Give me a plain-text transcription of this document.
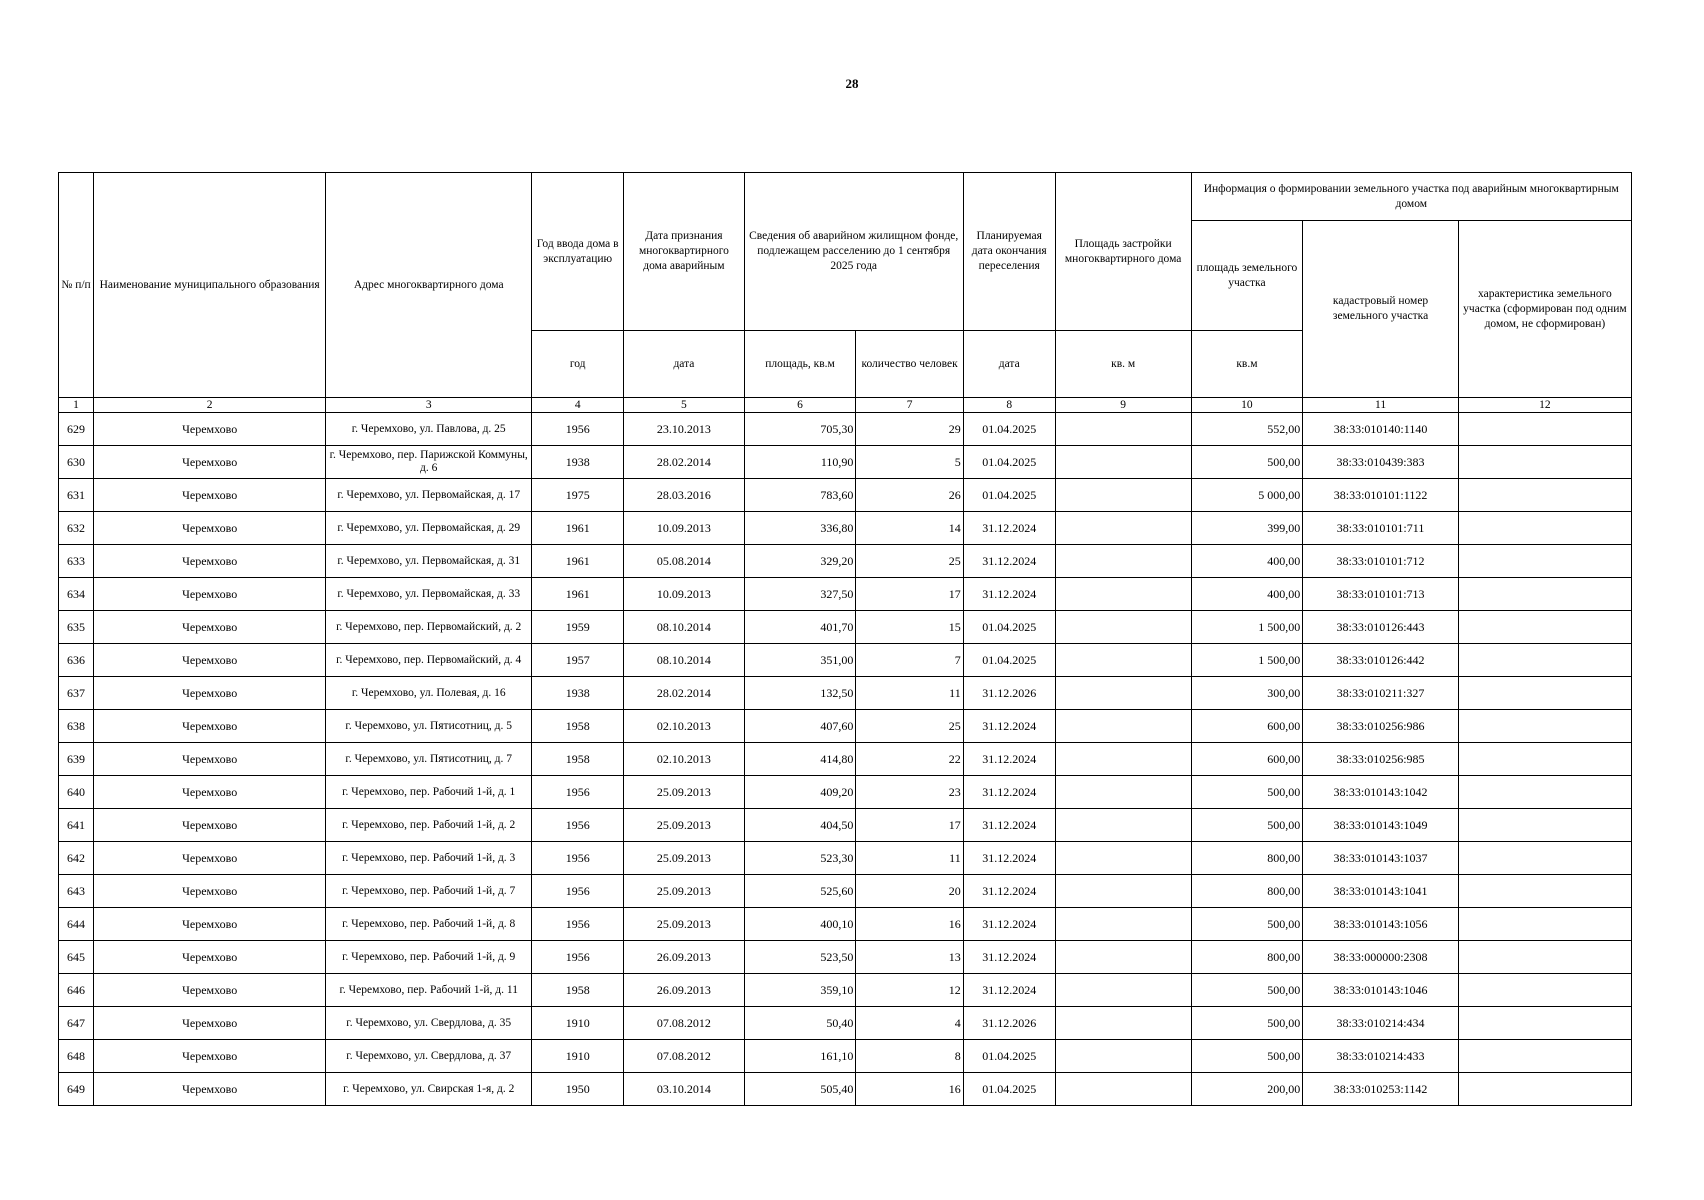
28
№ п/п	Наименование муниципального образования	Адрес многоквартирного дома	Год ввода дома в эксплуатацию	Дата признания многоквартирного дома аварийным	Сведения об аварийном жилищном фонде, подлежащем расселению до 1 сентября 2025 года		Планируемая дата окончания переселения	Площадь застройки многоквартирного дома	Информация о формировании земельного участка под аварийным многоквартирным домом		
									площадь земельного участка	кадастровый номер земельного участка	характеристика земельного участка (сформирован под одним домом, не сформирован)
			год	дата	площадь, кв.м	количество человек	дата	кв. м	кв.м		
1	2	3	4	5	6	7	8	9	10	11	12
629	Черемхово	г. Черемхово, ул. Павлова, д. 25	1956	23.10.2013	705,30	29	01.04.2025		552,00	38:33:010140:1140	
630	Черемхово	г. Черемхово, пер. Парижской Коммуны, д. 6	1938	28.02.2014	110,90	5	01.04.2025		500,00	38:33:010439:383	
631	Черемхово	г. Черемхово, ул. Первомайская, д. 17	1975	28.03.2016	783,60	26	01.04.2025		5 000,00	38:33:010101:1122	
632	Черемхово	г. Черемхово, ул. Первомайская, д. 29	1961	10.09.2013	336,80	14	31.12.2024		399,00	38:33:010101:711	
633	Черемхово	г. Черемхово, ул. Первомайская, д. 31	1961	05.08.2014	329,20	25	31.12.2024		400,00	38:33:010101:712	
634	Черемхово	г. Черемхово, ул. Первомайская, д. 33	1961	10.09.2013	327,50	17	31.12.2024		400,00	38:33:010101:713	
635	Черемхово	г. Черемхово, пер. Первомайский, д. 2	1959	08.10.2014	401,70	15	01.04.2025		1 500,00	38:33:010126:443	
636	Черемхово	г. Черемхово, пер. Первомайский, д. 4	1957	08.10.2014	351,00	7	01.04.2025		1 500,00	38:33:010126:442	
637	Черемхово	г. Черемхово, ул. Полевая, д. 16	1938	28.02.2014	132,50	11	31.12.2026		300,00	38:33:010211:327	
638	Черемхово	г. Черемхово, ул. Пятисотниц, д. 5	1958	02.10.2013	407,60	25	31.12.2024		600,00	38:33:010256:986	
639	Черемхово	г. Черемхово, ул. Пятисотниц, д. 7	1958	02.10.2013	414,80	22	31.12.2024		600,00	38:33:010256:985	
640	Черемхово	г. Черемхово, пер. Рабочий 1-й, д. 1	1956	25.09.2013	409,20	23	31.12.2024		500,00	38:33:010143:1042	
641	Черемхово	г. Черемхово, пер. Рабочий 1-й, д. 2	1956	25.09.2013	404,50	17	31.12.2024		500,00	38:33:010143:1049	
642	Черемхово	г. Черемхово, пер. Рабочий 1-й, д. 3	1956	25.09.2013	523,30	11	31.12.2024		800,00	38:33:010143:1037	
643	Черемхово	г. Черемхово, пер. Рабочий 1-й, д. 7	1956	25.09.2013	525,60	20	31.12.2024		800,00	38:33:010143:1041	
644	Черемхово	г. Черемхово, пер. Рабочий 1-й, д. 8	1956	25.09.2013	400,10	16	31.12.2024		500,00	38:33:010143:1056	
645	Черемхово	г. Черемхово, пер. Рабочий 1-й, д. 9	1956	26.09.2013	523,50	13	31.12.2024		800,00	38:33:000000:2308	
646	Черемхово	г. Черемхово, пер. Рабочий 1-й, д. 11	1958	26.09.2013	359,10	12	31.12.2024		500,00	38:33:010143:1046	
647	Черемхово	г. Черемхово, ул. Свердлова, д. 35	1910	07.08.2012	50,40	4	31.12.2026		500,00	38:33:010214:434	
648	Черемхово	г. Черемхово, ул. Свердлова, д. 37	1910	07.08.2012	161,10	8	01.04.2025		500,00	38:33:010214:433	
649	Черемхово	г. Черемхово, ул. Свирская 1-я, д. 2	1950	03.10.2014	505,40	16	01.04.2025		200,00	38:33:010253:1142	
